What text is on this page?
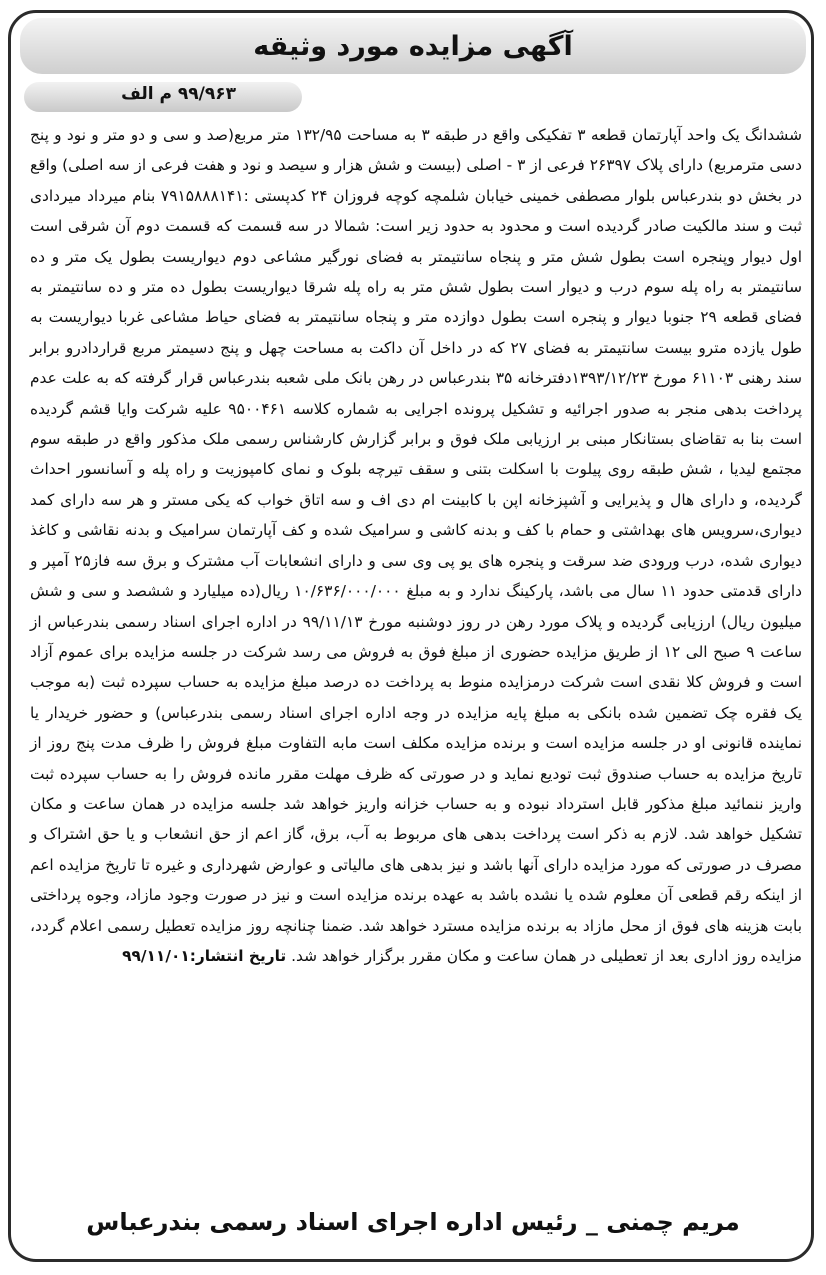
آگهی مزایده مورد وثیقه
۹۹/۹۶۳ م الف
ششدانگ یک واحد آپارتمان قطعه ۳ تفکیکی واقع در طبقه ۳ به مساحت ۱۳۲/۹۵ متر مربع(صد و سی و دو متر و نود و پنج دسی مترمربع) دارای پلاک ۲۶۳۹۷ فرعی از ۳ - اصلی (بیست و شش هزار و سیصد و نود و هفت فرعی از سه اصلی) واقع در بخش دو بندرعباس بلوار مصطفی خمینی خیابان شلمچه کوچه فروزان ۲۴ کدپستی :۷۹۱۵۸۸۸۱۴۱ بنام میرداد میردادی ثبت و سند مالکیت صادر گردیده است و محدود به حدود زیر است: شمالا در سه قسمت که قسمت دوم آن شرقی است اول دیوار وپنجره است بطول شش متر و پنجاه سانتیمتر به فضای نورگیر مشاعی دوم دیواریست بطول یک متر و ده سانتیمتر به راه پله سوم درب و دیوار است بطول شش متر به راه پله شرقا دیواریست بطول ده متر و ده سانتیمتر به فضای قطعه ۲۹ جنوبا دیوار و پنجره است بطول دوازده متر و پنجاه سانتیمتر به فضای حیاط مشاعی غربا دیواریست به طول یازده مترو بیست سانتیمتر به فضای ۲۷ که در داخل آن داکت به مساحت چهل و پنج دسیمتر مربع قراردادرو برابر سند رهنی ۶۱۱۰۳ مورخ ۱۳۹۳/۱۲/۲۳دفترخانه ۳۵ بندرعباس در رهن بانک ملی شعبه بندرعباس قرار گرفته که به علت عدم پرداخت بدهی منجر به صدور اجرائیه و تشکیل پرونده اجرایی به شماره کلاسه ۹۵۰۰۴۶۱ علیه شرکت وایا قشم گردیده است بنا به تقاضای بستانکار مبنی بر ارزیابی ملک فوق و برابر گزارش کارشناس رسمی ملک مذکور واقع در طبقه سوم مجتمع لیدیا ، شش طبقه روی پیلوت با اسکلت بتنی و سقف تیرچه بلوک و نمای کامپوزیت و راه پله و آسانسور احداث گردیده، و دارای هال و پذیرایی و آشپزخانه اپن با کابینت ام دی اف و سه اتاق خواب که یکی مستر و هر سه دارای کمد دیواری،سرویس های بهداشتی و حمام با کف و بدنه کاشی و سرامیک شده و کف آپارتمان سرامیک و بدنه نقاشی و کاغذ دیواری شده، درب ورودی ضد سرقت و پنجره های یو پی وی سی و دارای انشعابات آب مشترک و برق سه فاز۲۵ آمپر و دارای قدمتی حدود ۱۱ سال می باشد، پارکینگ ندارد و به مبلغ ۱۰/۶۳۶/۰۰۰/۰۰۰ ریال(ده میلیارد و ششصد و سی و شش میلیون ریال) ارزیابی گردیده و پلاک مورد رهن در روز دوشنبه مورخ ۹۹/۱۱/۱۳ در اداره اجرای اسناد رسمی بندرعباس از ساعت ۹ صبح الی ۱۲ از طریق مزایده حضوری از مبلغ فوق به فروش می رسد شرکت در جلسه مزایده برای عموم آزاد است و فروش کلا نقدی است شرکت درمزایده منوط به پرداخت ده درصد مبلغ مزایده به حساب سپرده ثبت (به موجب یک فقره چک تضمین شده بانکی به مبلغ پایه مزایده در وجه اداره اجرای اسناد رسمی بندرعباس) و حضور خریدار یا نماینده قانونی او در جلسه مزایده است و برنده مزایده مکلف است مابه التفاوت مبلغ فروش را ظرف مدت پنج روز از تاریخ مزایده به حساب صندوق ثبت توديع نمايد و در صورتی که ظرف مهلت مقرر مانده فروش را به حساب سپرده ثبت واریز ننمائید مبلغ مذکور قابل استرداد نبوده و به حساب خزانه واریز خواهد شد جلسه مزایده در همان ساعت و مکان تشکیل خواهد شد. لازم به ذکر است پرداخت بدهی های مربوط به آب، برق، گاز اعم از حق انشعاب و یا حق اشتراک و مصرف در صورتی که مورد مزایده دارای آنها باشد و نیز بدهی های مالیاتی و عوارض شهرداری و غیره تا تاریخ مزایده اعم از اینکه رقم قطعی آن معلوم شده یا نشده باشد به عهده برنده مزایده است و نیز در صورت وجود مازاد، وجوه پرداختی بابت هزینه های فوق از محل مازاد به برنده مزایده مسترد خواهد شد. ضمنا چنانچه روز مزایده تعطیل رسمی اعلام گردد، مزایده روز اداری بعد از تعطیلی در همان ساعت و مکان مقرر برگزار خواهد شد. تاریخ انتشار:۹۹/۱۱/۰۱
مریم چمنی _ رئیس اداره اجرای اسناد رسمی بندرعباس
